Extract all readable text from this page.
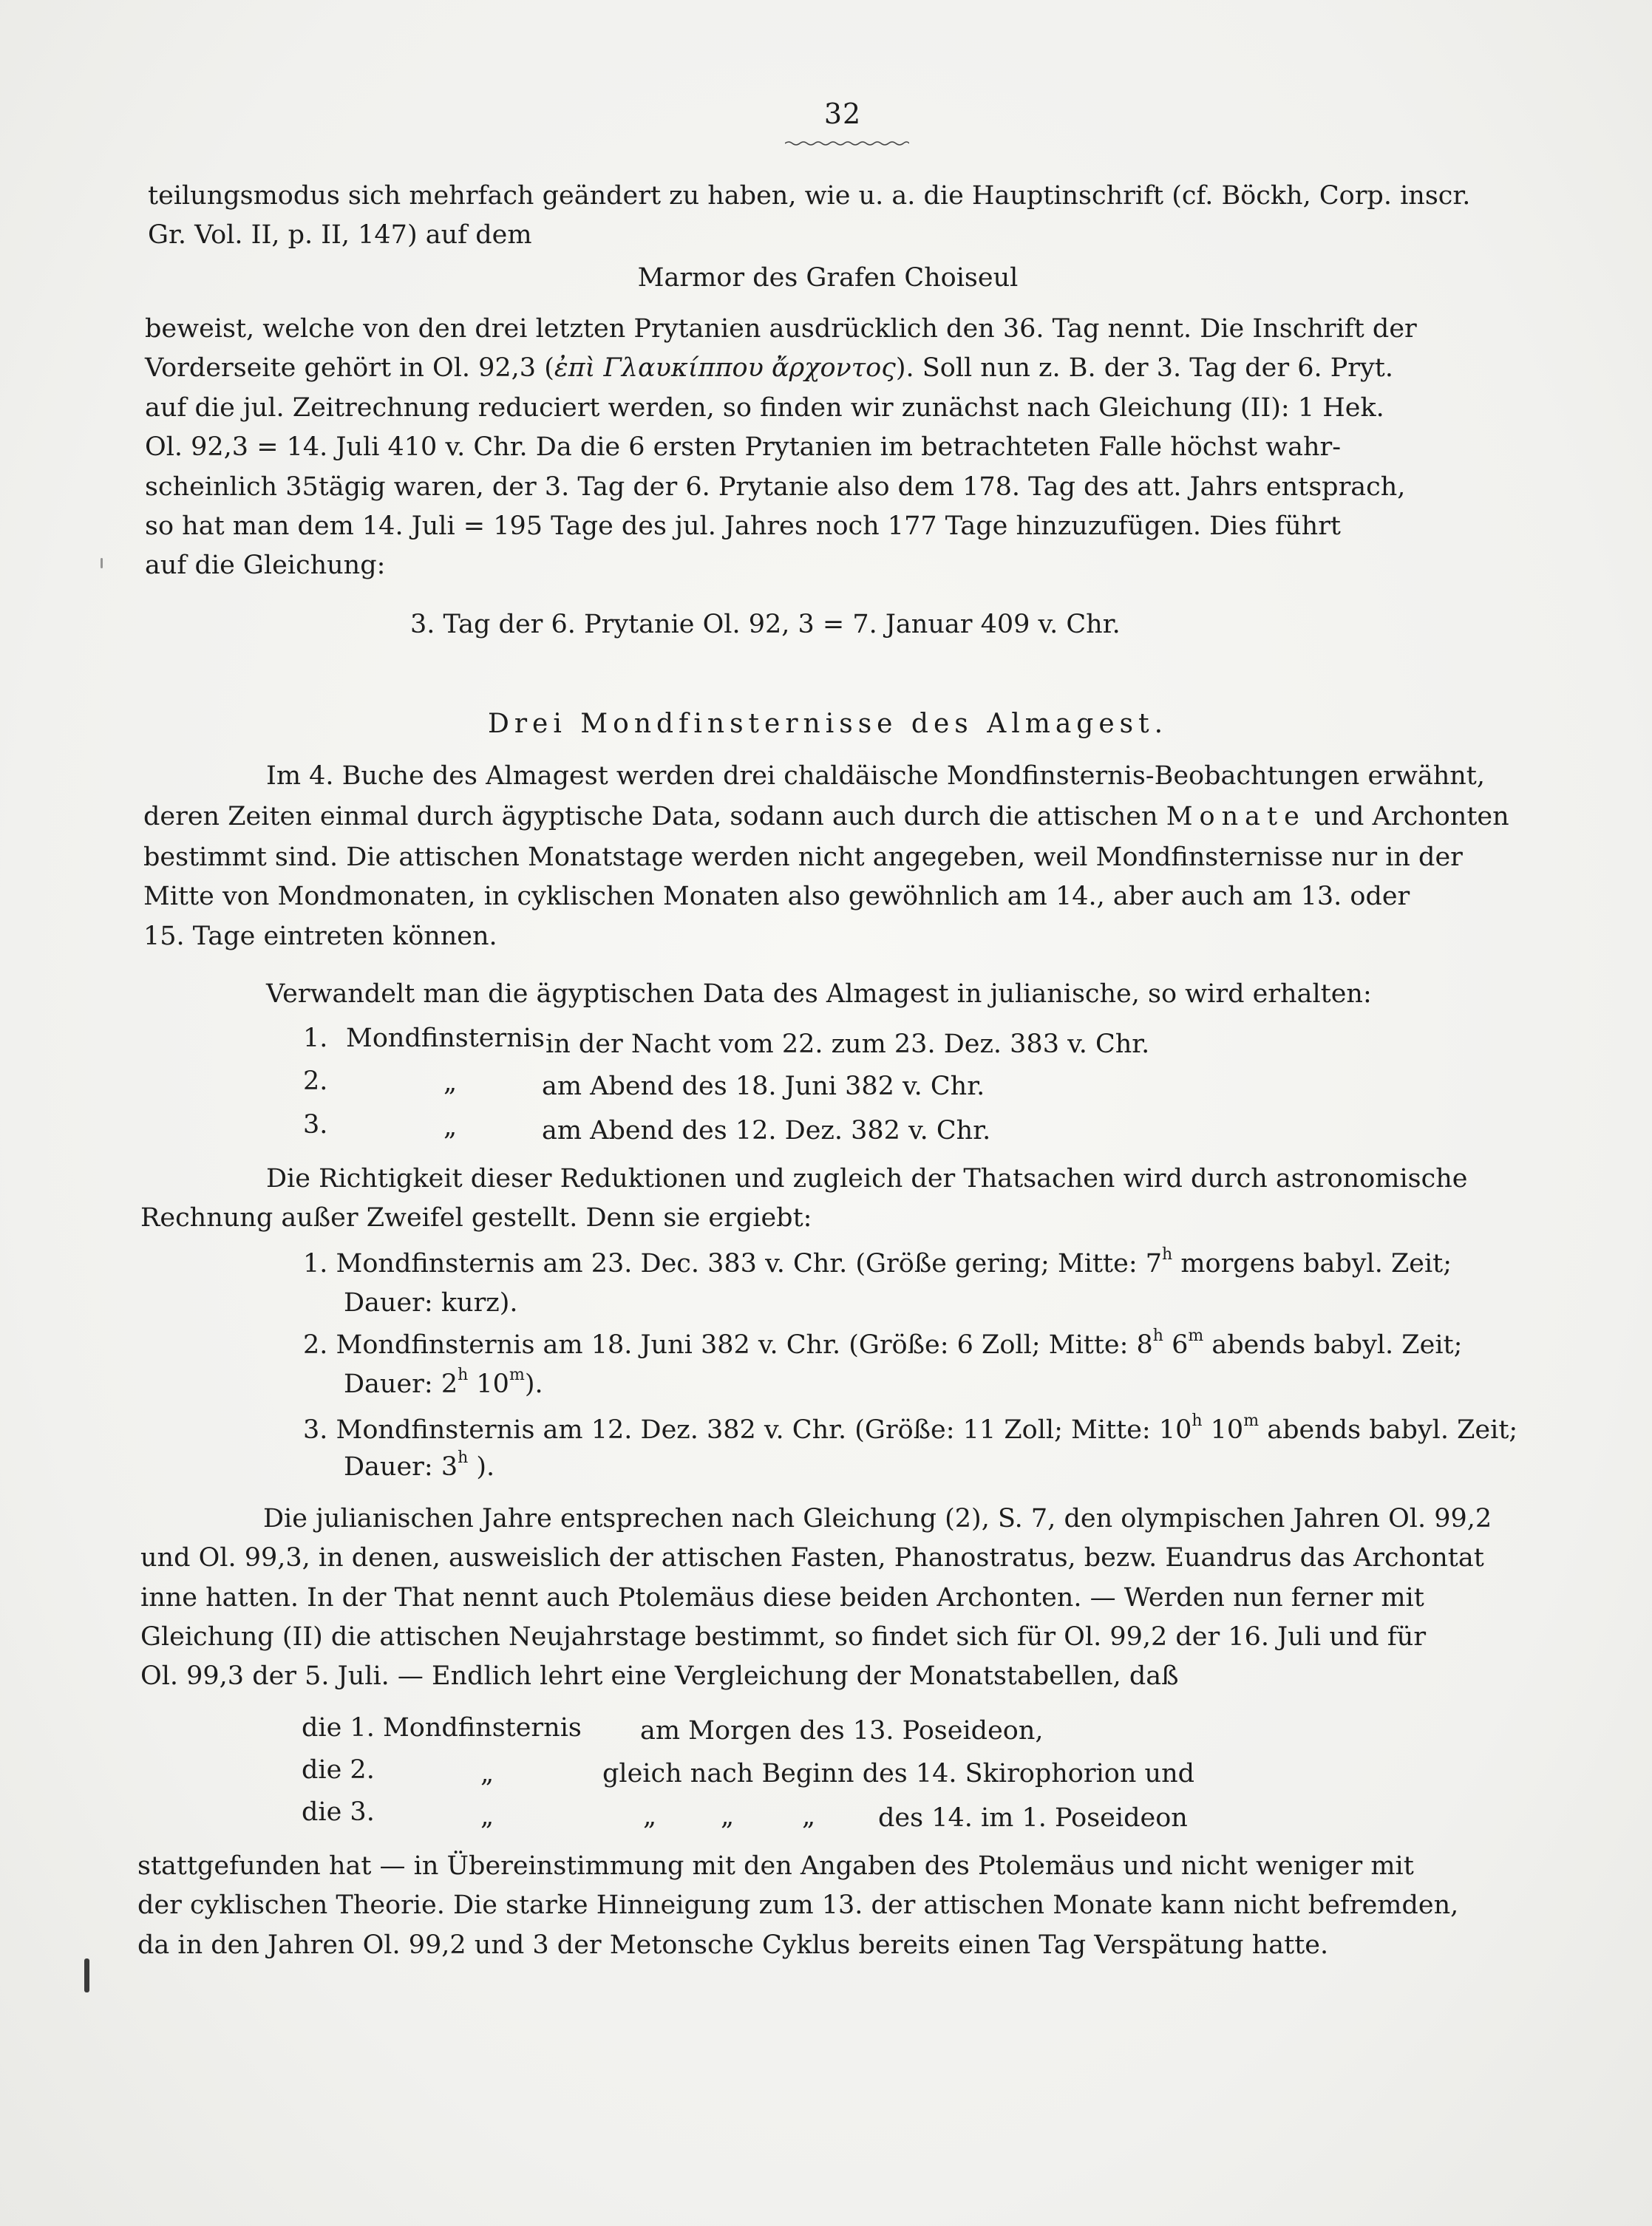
32
teilungsmodus sich mehrfach geändert zu haben, wie u. a. die Hauptinschrift (cf. Böckh, Corp. inscr.
Gr. Vol. II, p. II, 147) auf dem
Marmor des Grafen Choiseul
beweist, welche von den drei letzten Prytanien ausdrücklich den 36. Tag nennt. Die Inschrift der
Vorderseite gehört in Ol. 92,3 (ἐπὶ Γλαυκίππου ἄρχοντος). Soll nun z. B. der 3. Tag der 6. Pryt.
auf die jul. Zeitrechnung reduciert werden, so finden wir zunächst nach Gleichung (II): 1 Hek.
Ol. 92,3 = 14. Juli 410 v. Chr. Da die 6 ersten Prytanien im betrachteten Falle höchst wahr-
scheinlich 35tägig waren, der 3. Tag der 6. Prytanie also dem 178. Tag des att. Jahrs entsprach,
so hat man dem 14. Juli = 195 Tage des jul. Jahres noch 177 Tage hinzuzufügen. Dies führt
auf die Gleichung:
3. Tag der 6. Prytanie Ol. 92, 3 = 7. Januar 409 v. Chr.
Drei Mondfinsternisse des Almagest.
Im 4. Buche des Almagest werden drei chaldäische Mondfinsternis-Beobachtungen erwähnt,
deren Zeiten einmal durch ägyptische Data, sodann auch durch die attischen Monate und Archonten
bestimmt sind. Die attischen Monatstage werden nicht angegeben, weil Mondfinsternisse nur in der
Mitte von Mondmonaten, in cyklischen Monaten also gewöhnlich am 14., aber auch am 13. oder
15. Tage eintreten können.
Verwandelt man die ägyptischen Data des Almagest in julianische, so wird erhalten:
1. Mondfinsternis in der Nacht vom 22. zum 23. Dez. 383 v. Chr.
2.	„	am Abend des 18. Juni 382 v. Chr.
3.	„	am Abend des 12. Dez. 382 v. Chr.
Die Richtigkeit dieser Reduktionen und zugleich der Thatsachen wird durch astronomische
Rechnung außer Zweifel gestellt. Denn sie ergiebt:
1. Mondfinsternis am 23. Dec. 383 v. Chr. (Größe gering; Mitte: 7$^h$ morgens babyl. Zeit;
Dauer: kurz).
2. Mondfinsternis am 18. Juni 382 v. Chr. (Größe: 6 Zoll; Mitte: 8$^h$ 6$^m$ abends babyl. Zeit;
Dauer: 2$^h$ 10$^m$).
3. Mondfinsternis am 12. Dez. 382 v. Chr. (Größe: 11 Zoll; Mitte: 10$^h$ 10$^m$ abends babyl. Zeit;
Dauer: 3$^h$ ).
Die julianischen Jahre entsprechen nach Gleichung (2), S. 7, den olympischen Jahren Ol. 99,2
und Ol. 99,3, in denen, ausweislich der attischen Fasten, Phanostratus, bezw. Euandrus das Archontat
inne hatten. In der That nennt auch Ptolemäus diese beiden Archonten. — Werden nun ferner mit
Gleichung (II) die attischen Neujahrstage bestimmt, so findet sich für Ol. 99,2 der 16. Juli und für
Ol. 99,3 der 5. Juli. — Endlich lehrt eine Vergleichung der Monatstabellen, daß
die 1. Mondfinsternis am Morgen des 13. Poseideon,
die 2.	„	gleich nach Beginn des 14. Skirophorion und
die 3.	„	„ „	„ des 14. im 1. Poseideon
stattgefunden hat — in Übereinstimmung mit den Angaben des Ptolemäus und nicht weniger mit
der cyklischen Theorie. Die starke Hinneigung zum 13. der attischen Monate kann nicht befremden,
da in den Jahren Ol. 99,2 und 3 der Metonsche Cyklus bereits einen Tag Verspätung hatte.
